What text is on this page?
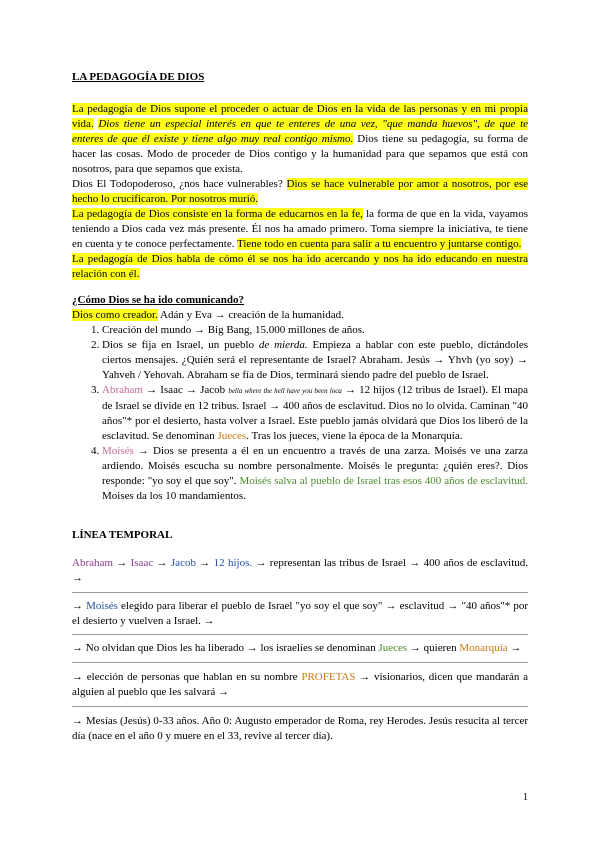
LA PEDAGOGÍA DE DIOS

La pedagogía de Dios supone el proceder o actuar de Dios en la vida de las personas y en mi propia vida. Dios tiene un especial interés en que te enteres de una vez, "que manda huevos", de que te enteres de que él existe y tiene algo muy real contigo mismo. Dios tiene su pedagogía, su forma de hacer las cosas. Modo de proceder de Dios contigo y la humanidad para que sepamos que está con nosotros, para que sepamos que exista.

Dios El Todopoderoso, ¿nos hace vulnerables? Dios se hace vulnerable por amor a nosotros, por ese hecho lo crucificaron. Por nosotros murió.

La pedagogía de Dios consiste en la forma de educarnos en la fe, la forma de que en la vida, vayamos teniendo a Dios cada vez más presente. Él nos ha amado primero. Toma siempre la iniciativa, te tiene en cuenta y te conoce perfectamente. Tiene todo en cuenta para salir a tu encuentro y juntarse contigo.

La pedagogía de Dios habla de cómo él se nos ha ido acercando y nos ha ido educando en nuestra relación con él.

¿Cómo Dios se ha ido comunicando?

Dios como creador. Adán y Eva → creación de la humanidad.

1. Creación del mundo → Big Bang, 15.000 millones de años.
2. Dios se fija en Israel, un pueblo de mierda. Empieza a hablar con este pueblo, dictándoles ciertos mensajes. ¿Quién será el representante de Israel? Abraham. Jesús → Yhvh (yo soy) → Yahveh / Yehovah. Abraham se fía de Dios, terminará siendo padre del pueblo de Israel.
3. Abraham → Isaac → Jacob bella where the hell have you been loca → 12 hijos (12 tribus de Israel). El mapa de Israel se divide en 12 tribus. Israel → 400 años de esclavitud. Dios no lo olvida. Caminan "40 años"* por el desierto, hasta volver a Israel. Este pueblo jamás olvidará que Dios los liberó de la esclavitud. Se denominan Jueces. Tras los jueces, viene la época de la Monarquía.
4. Moisés → Dios se presenta a él en un encuentro a través de una zarza. Moisés ve una zarza ardiendo. Moisés escucha su nombre personalmente. Moisés le pregunta: ¿quién eres?. Dios responde: "yo soy el que soy". Moisés salva al pueblo de Israel tras esos 400 años de esclavitud. Moises da los 10 mandamientos.

LÍNEA TEMPORAL

Abraham → Isaac → Jacob → 12 hijos. → representan las tribus de Israel → 400 años de esclavitud. →
→ Moisés elegido para liberar el pueblo de Israel "yo soy el que soy" → esclavitud → "40 años"* por el desierto y vuelven a Israel. →
→ No olvidan que Dios les ha liberado → los israelíes se denominan Jueces → quieren Monarquía →
→ elección de personas que hablan en su nombre PROFETAS → visionarios, dicen que mandarán a alguien al pueblo que les salvará →
→ Mesías (Jesús) 0-33 años. Año 0: Augusto emperador de Roma, rey Herodes. Jesús resucita al tercer día (nace en el año 0 y muere en el 33, revive al tercer día).
1
